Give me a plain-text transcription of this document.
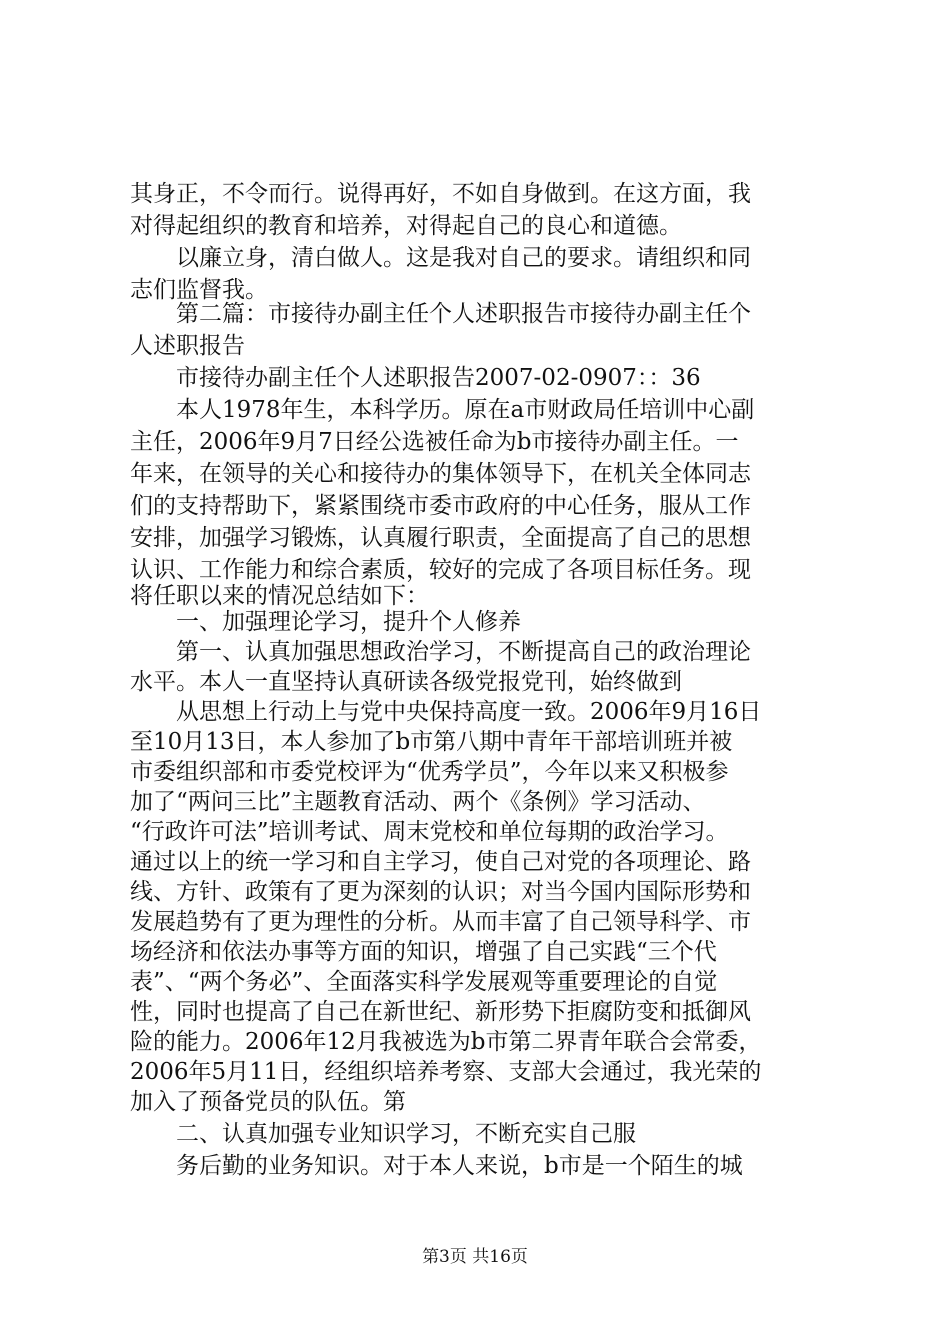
其身正，不令而行。说得再好，不如自身做到。在这方面，我
对得起组织的教育和培养，对得起自己的良心和道德。
　　以廉立身，清白做人。这是我对自己的要求。请组织和同
志们监督我。
　　第二篇：市接待办副主任个人述职报告市接待办副主任个
人述职报告
　　市接待办副主任个人述职报告2007-02-0907：：36
　　本人1978年生，本科学历。原在a市财政局任培训中心副
主任，2006年9月7日经公选被任命为b市接待办副主任。一
年来，在领导的关心和接待办的集体领导下，在机关全体同志
们的支持帮助下，紧紧围绕市委市政府的中心任务，服从工作
安排，加强学习锻炼，认真履行职责，全面提高了自己的思想
认识、工作能力和综合素质，较好的完成了各项目标任务。现
将任职以来的情况总结如下：
　　一、加强理论学习，提升个人修养
　　第一、认真加强思想政治学习，不断提高自己的政治理论
水平。本人一直坚持认真研读各级党报党刊，始终做到
　　从思想上行动上与党中央保持高度一致。2006年9月16日
至10月13日，本人参加了b市第八期中青年干部培训班并被
市委组织部和市委党校评为“优秀学员”，今年以来又积极参
加了“两问三比”主题教育活动、两个《条例》学习活动、
“行政许可法”培训考试、周末党校和单位每期的政治学习。
通过以上的统一学习和自主学习，使自己对党的各项理论、路
线、方针、政策有了更为深刻的认识；对当今国内国际形势和
发展趋势有了更为理性的分析。从而丰富了自己领导科学、市
场经济和依法办事等方面的知识，增强了自己实践“三个代
表”、“两个务必”、全面落实科学发展观等重要理论的自觉
性，同时也提高了自己在新世纪、新形势下拒腐防变和抵御风
险的能力。2006年12月我被选为b市第二界青年联合会常委，
2006年5月11日，经组织培养考察、支部大会通过，我光荣的
加入了预备党员的队伍。第
　　二、认真加强专业知识学习，不断充实自己服
　　务后勤的业务知识。对于本人来说，b市是一个陌生的城
第3页 共16页
